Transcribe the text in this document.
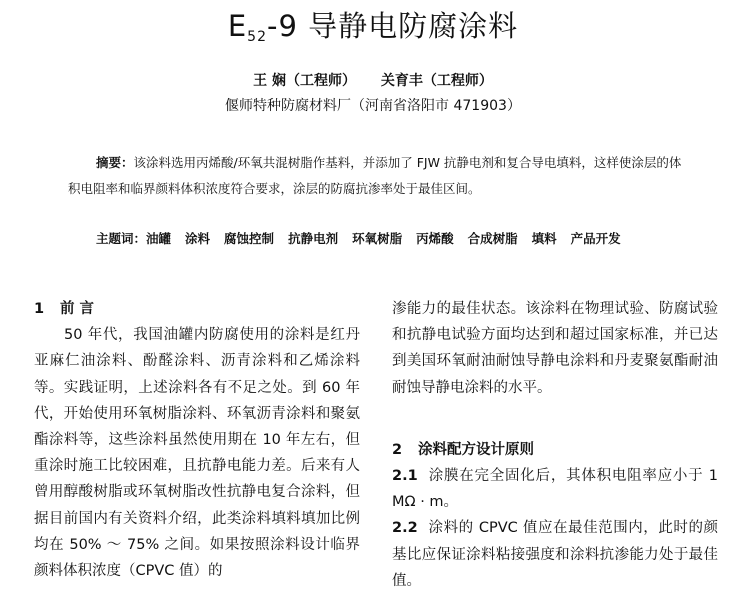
$E_{52}-9$ 导静电防腐涂料
王 娴（工程师） 关育丰（工程师）
偃师特种防腐材料厂（河南省洛阳市 471903）
摘要：该涂料选用丙烯酸/环氧共混树脂作基料，并添加了 FJW 抗静电剂和复合导电填料，这样使涂层的体积电阻率和临界颜料体积浓度符合要求，涂层的防腐抗渗率处于最佳区间。
主题词：油罐 涂料 腐蚀控制 抗静电剂 环氧树脂 丙烯酸 合成树脂 填料 产品开发

1 前 言

50 年代，我国油罐内防腐使用的涂料是红丹亚麻仁油涂料、酚醛涂料、沥青涂料和乙烯涂料等。实践证明，上述涂料各有不足之处。到 60 年代，开始使用环氧树脂涂料、环氧沥青涂料和聚氨酯涂料等，这些涂料虽然使用期在 10 年左右，但重涂时施工比较困难，且抗静电能力差。后来有人曾用醇酸树脂或环氧树脂改性抗静电复合涂料，但据目前国内有关资料介绍，此类涂料填料填加比例均在 50% ～ 75% 之间。如果按照涂料设计临界颜料体积浓度（CPVC 值）的

渗能力的最佳状态。该涂料在物理试验、防腐试验和抗静电试验方面均达到和超过国家标准，并已达到美国环氧耐油耐蚀导静电涂料和丹麦聚氨酯耐油耐蚀导静电涂料的水平。

2 涂料配方设计原则

2.1 涂膜在完全固化后，其体积电阻率应小于 1 MΩ · m。

2.2 涂料的 CPVC 值应在最佳范围内，此时的颜基比应保证涂料粘接强度和涂料抗渗能力处于最佳值。
